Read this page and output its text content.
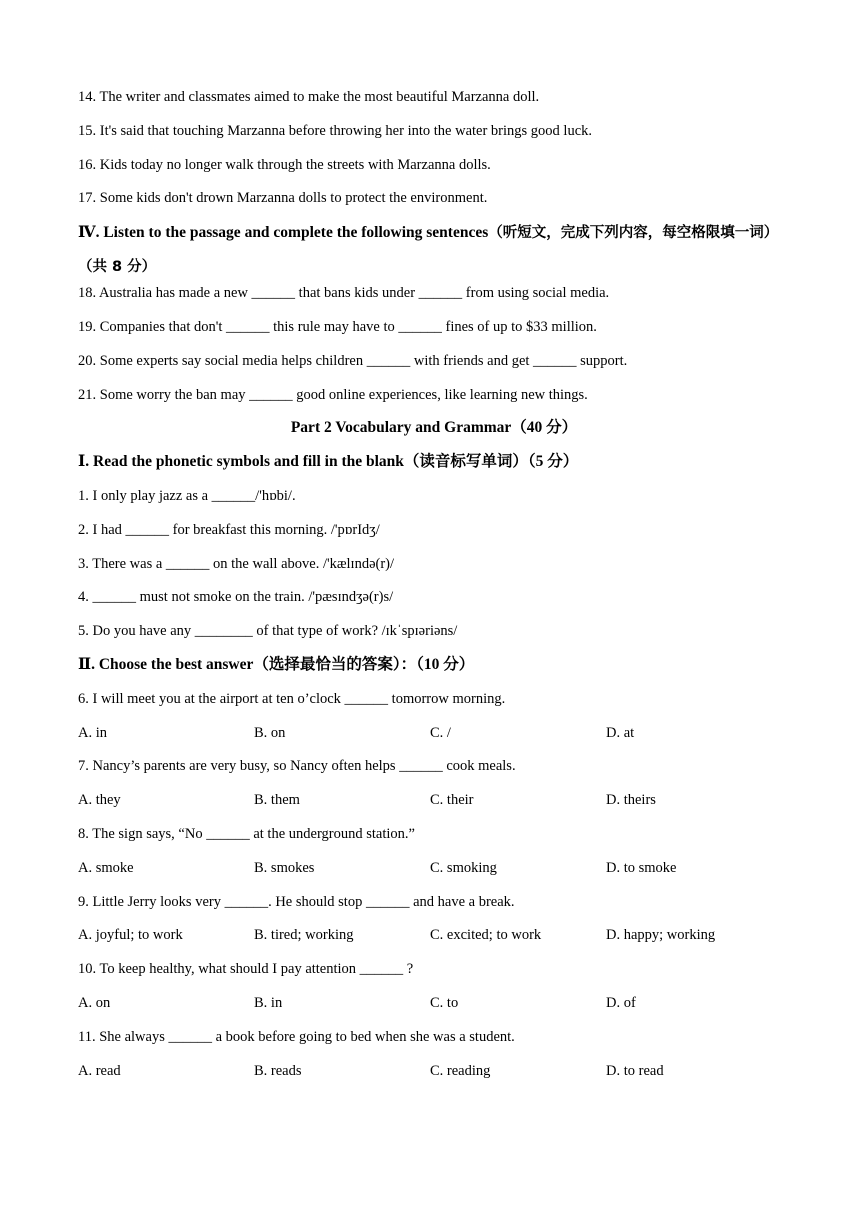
14. The writer and classmates aimed to make the most beautiful Marzanna doll.
15. It's said that touching Marzanna before throwing her into the water brings good luck.
16. Kids today no longer walk through the streets with Marzanna dolls.
17. Some kids don't drown Marzanna dolls to protect the environment.
Ⅳ. Listen to the passage and complete the following sentences（听短文，完成下列内容，每空格限填一词）（共 8 分）
18. Australia has made a new ______ that bans kids under ______ from using social media.
19. Companies that don't ______ this rule may have to ______ fines of up to $33 million.
20. Some experts say social media helps children ______ with friends and get ______ support.
21. Some worry the ban may ______ good online experiences, like learning new things.
Part 2 Vocabulary and Grammar（40 分）
Ⅰ. Read the phonetic symbols and fill in the blank（读音标写单词）（5 分）
1. I only play jazz as a ______/'hɒbi/.
2. I had ______ for breakfast this morning. /'pɒrIdʒ/
3. There was a ______ on the wall above. /'kælɪndə(r)/
4. ______ must not smoke on the train. /'pæsɪndʒə(r)s/
5. Do you have any ________ of that type of work? /ɪkˈspɪəriəns/
Ⅱ. Choose the best answer（选择最恰当的答案）：（10 分）
6. I will meet you at the airport at ten o’clock ______ tomorrow morning.
A. in	B. on	C. /	D. at
7. Nancy’s parents are very busy, so Nancy often helps ______ cook meals.
A. they	B. them	C. their	D. theirs
8. The sign says, “No ______ at the underground station.”
A. smoke	B. smokes	C. smoking	D. to smoke
9. Little Jerry looks very ______. He should stop ______ and have a break.
A. joyful; to work	B. tired; working	C. excited; to work	D. happy; working
10. To keep healthy, what should I pay attention ______ ?
A. on	B. in	C. to	D. of
11. She always ______ a book before going to bed when she was a student.
A. read	B. reads	C. reading	D. to read
